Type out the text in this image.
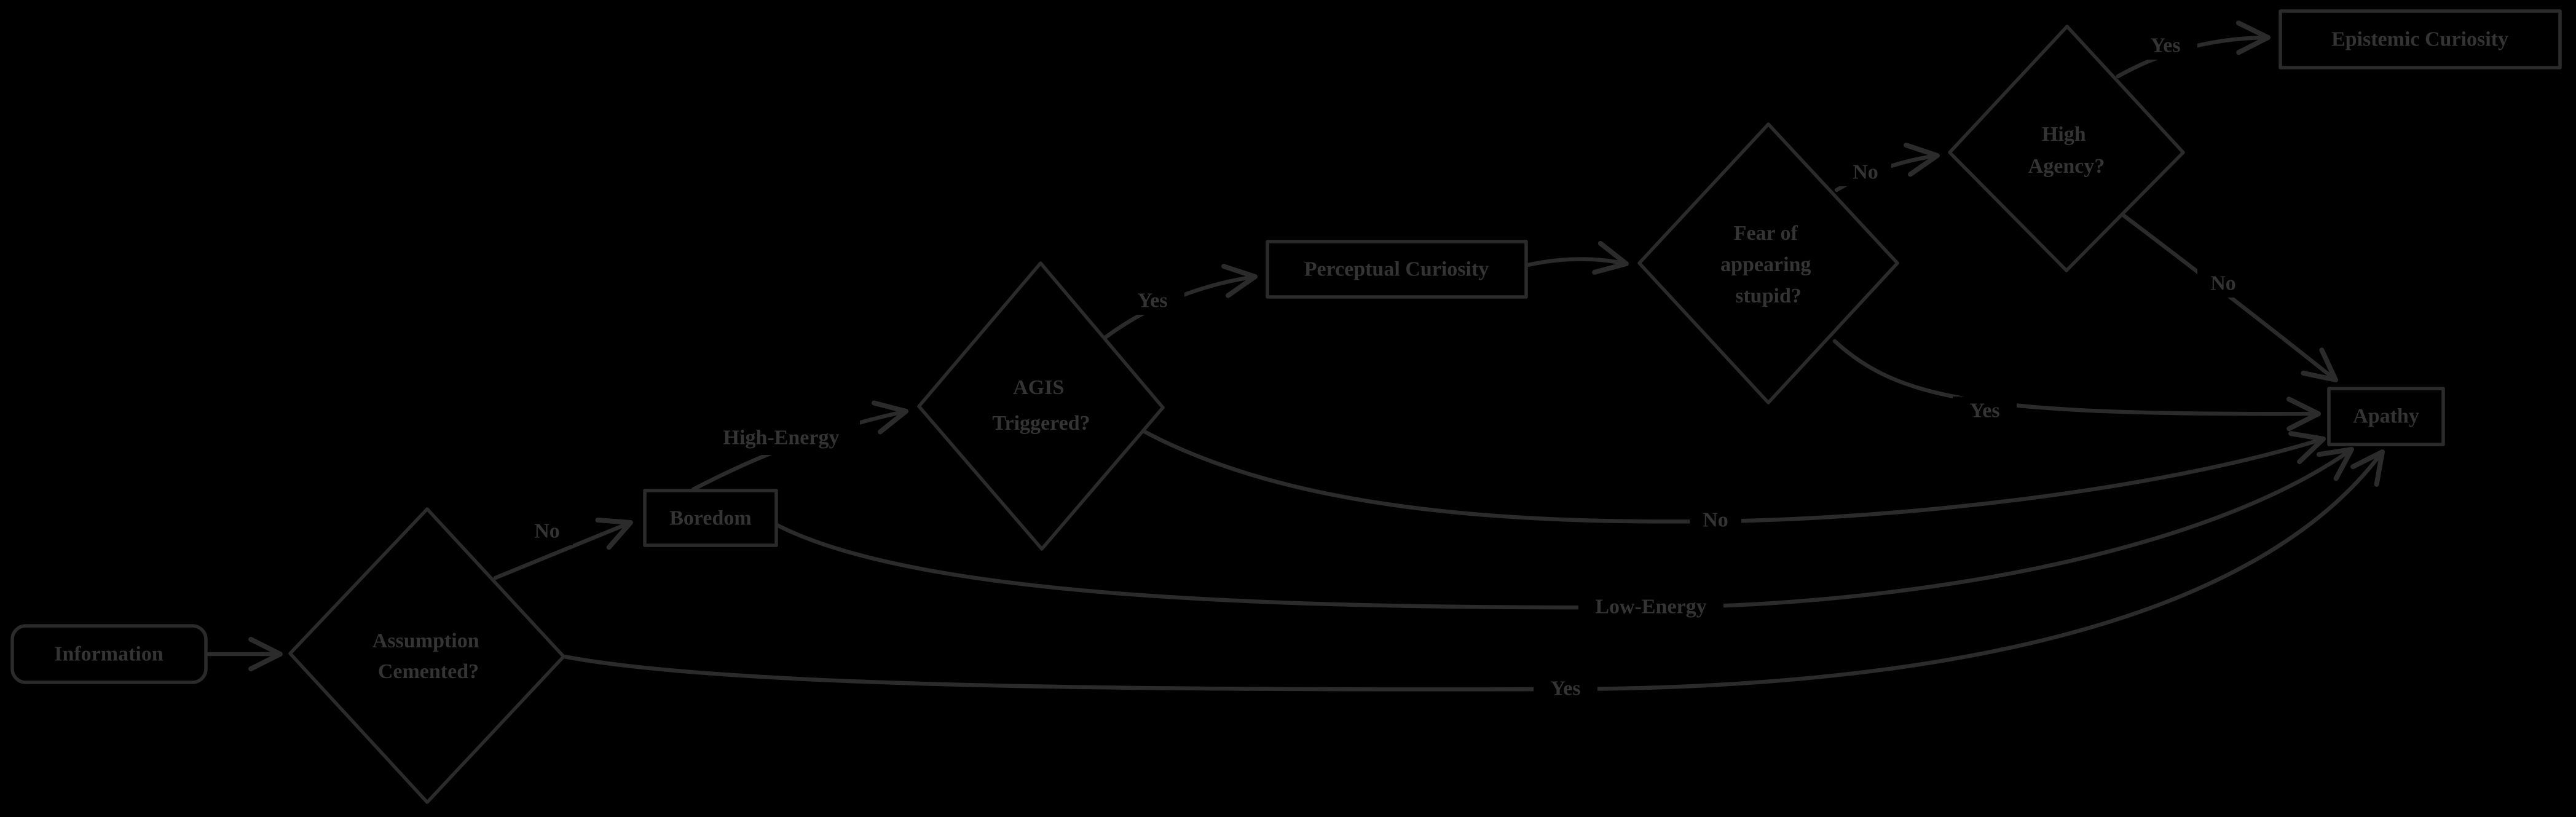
No
High-Energy
Yes
No
Yes
No
Yes
No
Low-Energy
Yes
Information
Assumption Cemented?
Boredom
AGIS Triggered?
Perceptual Curiosity
Fear of appearing stupid?
High Agency?
Epistemic Curiosity
Apathy
